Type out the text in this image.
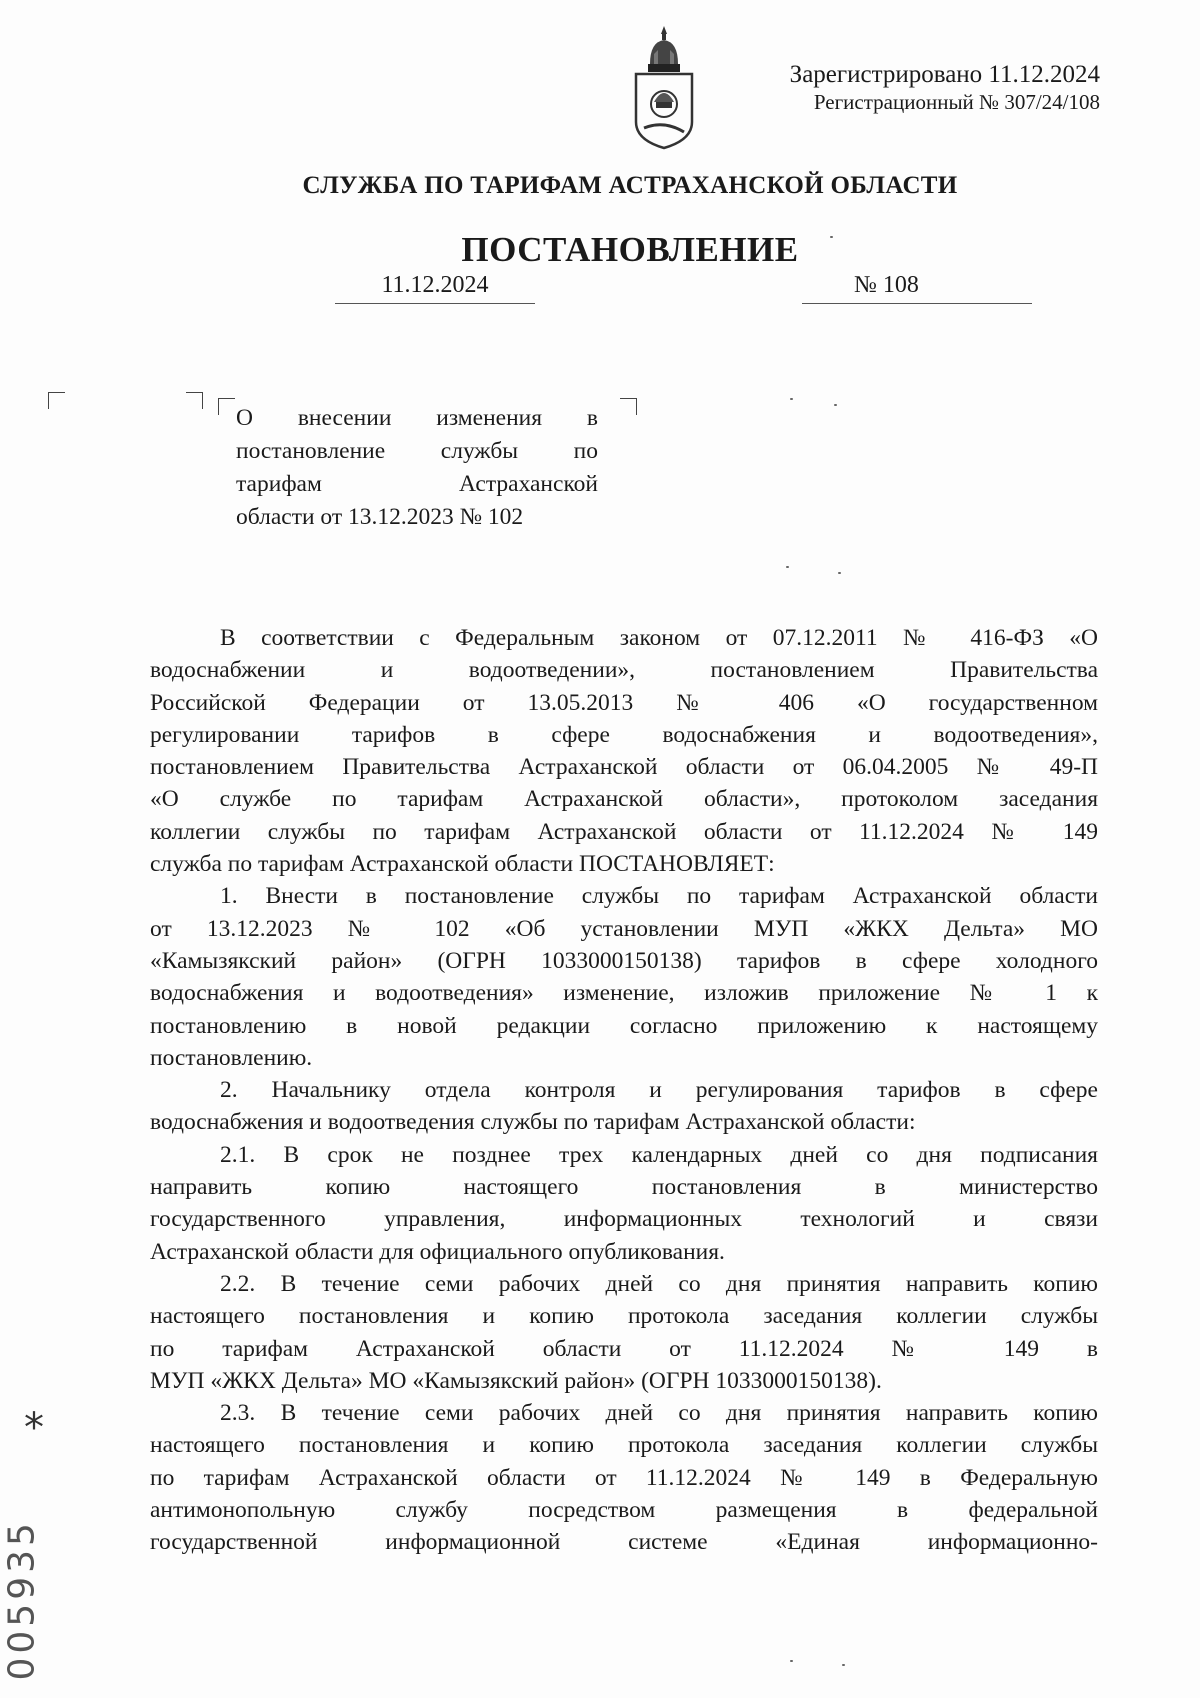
Зарегистрировано 11.12.2024
Регистрационный № 307/24/108
СЛУЖБА ПО ТАРИФАМ АСТРАХАНСКОЙ ОБЛАСТИ
ПОСТАНОВЛЕНИЕ
11.12.2024	№ 108
О внесении изменения в
постановление службы по
тарифам Астраханской
области от 13.12.2023 № 102
В соответствии с Федеральным законом от 07.12.2011 № 416-ФЗ «О
водоснабжении и водоотведении», постановлением Правительства
Российской Федерации от 13.05.2013 № 406 «О государственном
регулировании тарифов в сфере водоснабжения и водоотведения»,
постановлением Правительства Астраханской области от 06.04.2005 № 49-П
«О службе по тарифам Астраханской области», протоколом заседания
коллегии службы по тарифам Астраханской области от 11.12.2024 № 149
служба по тарифам Астраханской области ПОСТАНОВЛЯЕТ:
1. Внести в постановление службы по тарифам Астраханской области
от 13.12.2023 № 102 «Об установлении МУП «ЖКХ Дельта» МО
«Камызякский район» (ОГРН 1033000150138) тарифов в сфере холодного
водоснабжения и водоотведения» изменение, изложив приложение № 1 к
постановлению в новой редакции согласно приложению к настоящему
постановлению.
2. Начальнику отдела контроля и регулирования тарифов в сфере
водоснабжения и водоотведения службы по тарифам Астраханской области:
2.1. В срок не позднее трех календарных дней со дня подписания
направить копию настоящего постановления в министерство
государственного управления, информационных технологий и связи
Астраханской области для официального опубликования.
2.2. В течение семи рабочих дней со дня принятия направить копию
настоящего постановления и копию протокола заседания коллегии службы
по тарифам Астраханской области от 11.12.2024 № 149 в
МУП «ЖКХ Дельта» МО «Камызякский район» (ОГРН 1033000150138).
2.3. В течение семи рабочих дней со дня принятия направить копию
настоящего постановления и копию протокола заседания коллегии службы
по тарифам Астраханской области от 11.12.2024 № 149 в Федеральную
антимонопольную службу посредством размещения в федеральной
государственной информационной системе «Единая информационно-
005935
*
